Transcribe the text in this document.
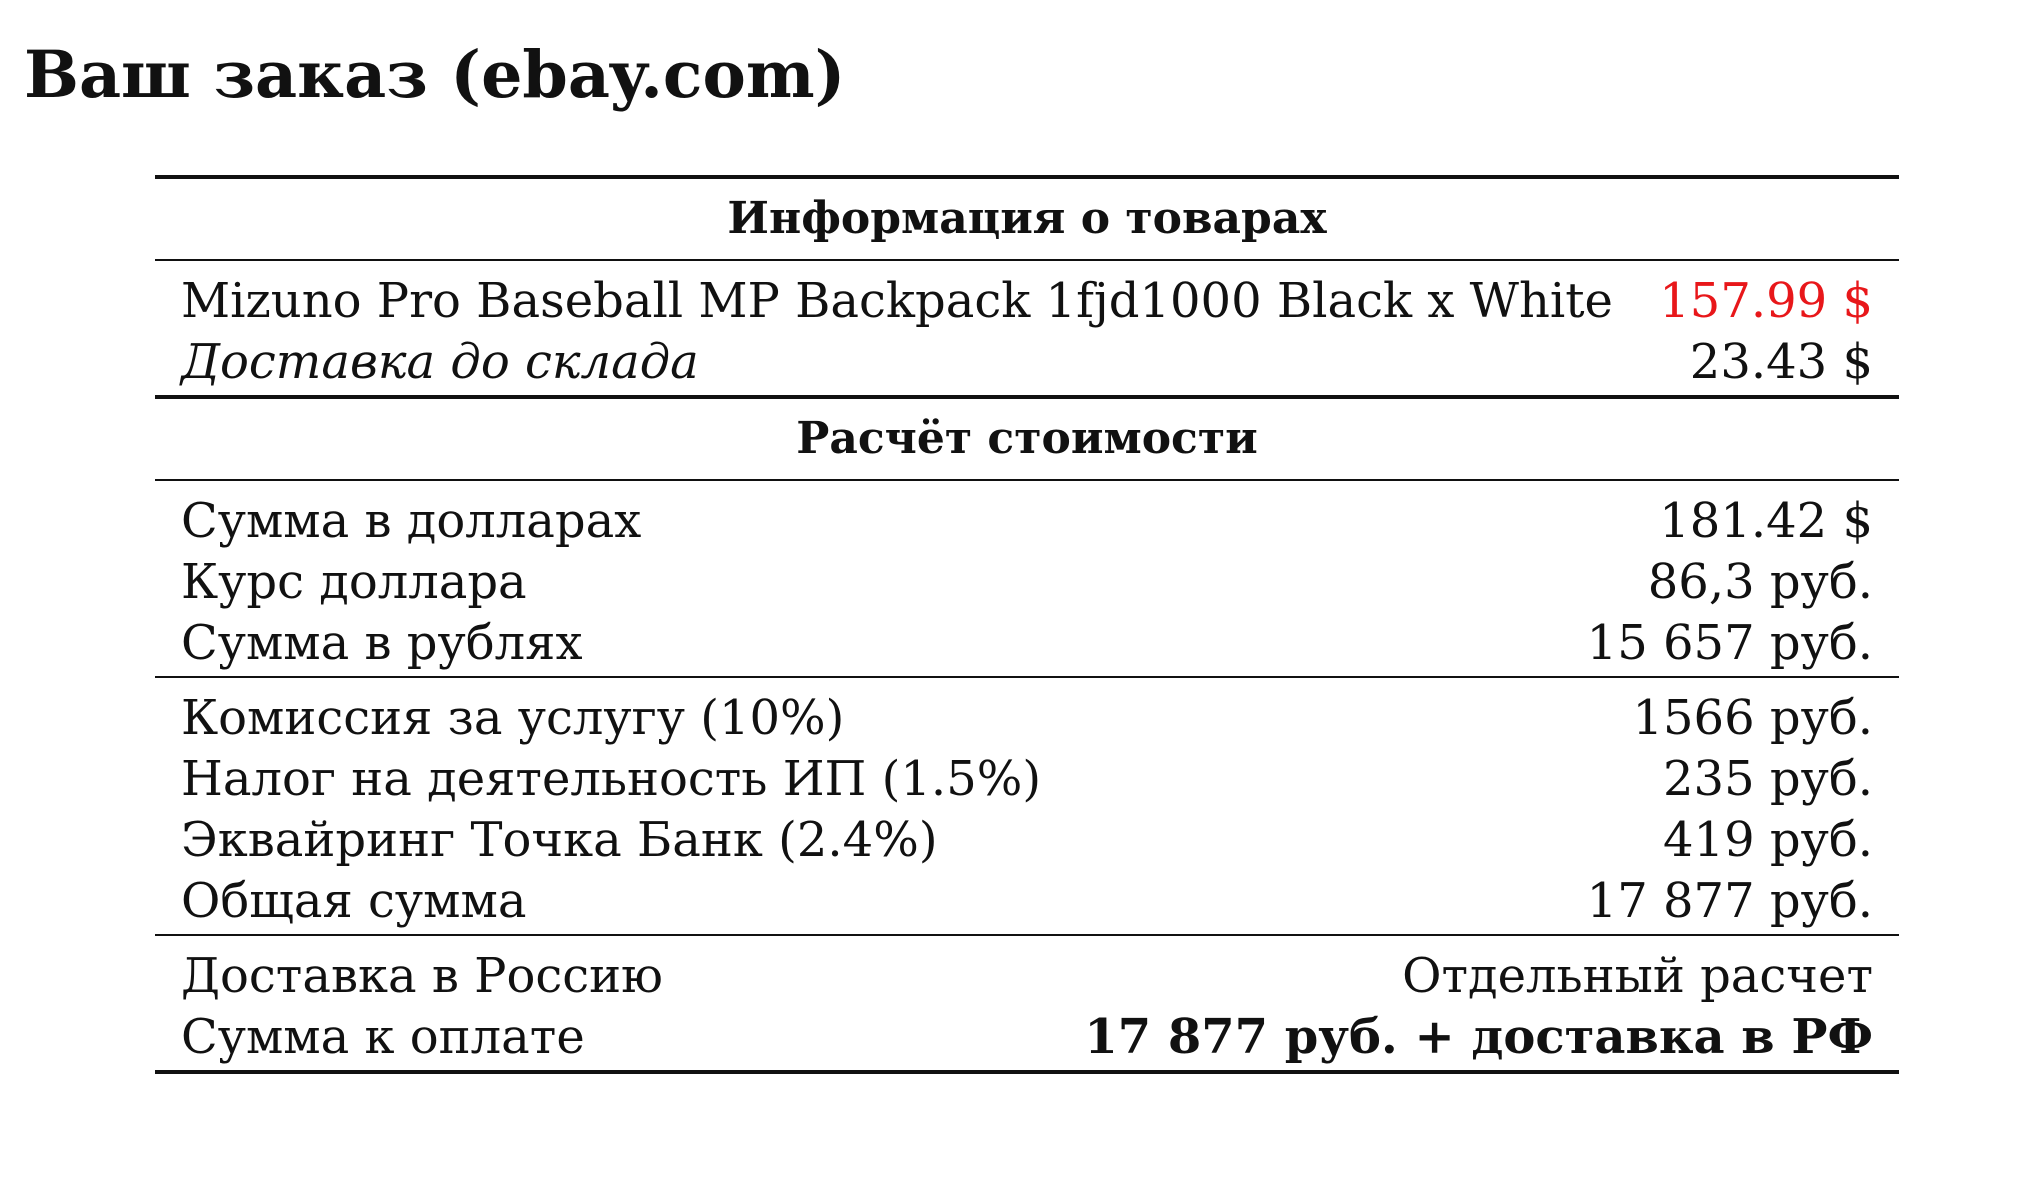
Ваш заказ (ebay.com)
Информация о товарах
Mizuno Pro Baseball MP Backpack 1fjd1000 Black x White 157.99 $
Доставка до склада	23.43 $
Расчёт стоимости
Сумма в долларах	181.42 $
Курс доллара	86,3 руб.
Сумма в рублях	15 657 руб.
Комиссия за услугу (10%)	1566 руб.
Налог на деятельность ИП (1.5%)	235 руб.
Эквайринг Точка Банк (2.4%)	419 руб.
Общая сумма	17 877 руб.
Доставка в Россию	Отдельный расчет
Сумма к оплате	17 877 руб. + доставка в РФ
